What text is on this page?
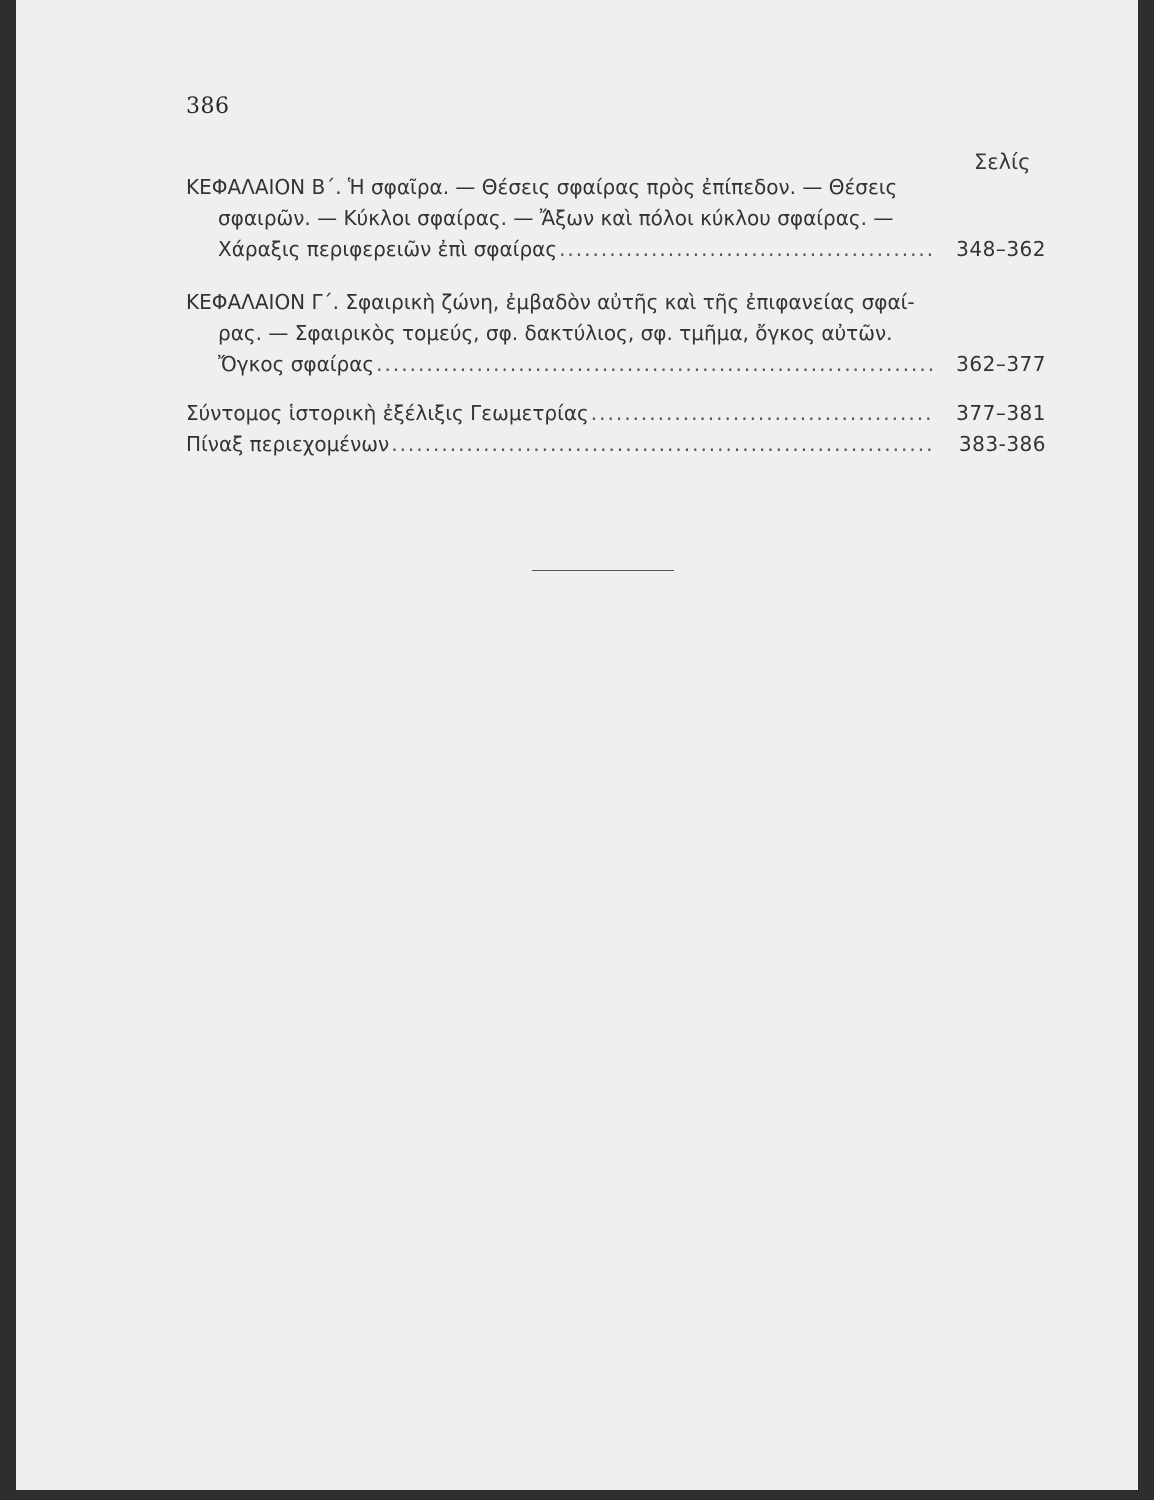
386
Σελίς
ΚΕΦΑΛΑΙΟΝ Β΄. Ἡ σφαῖρα. — Θέσεις σφαίρας πρὸς ἐπίπεδον. — Θέσεις
σφαιρῶν. — Κύκλοι σφαίρας. — Ἄξων καὶ πόλοι κύκλου σφαίρας. —
Χάραξις περιφερειῶν ἐπὶ σφαίρας .....	348–362
ΚΕΦΑΛΑΙΟΝ Γ΄. Σφαιρικὴ ζώνη, ἐμβαδὸν αὐτῆς καὶ τῆς ἐπιφανείας σφαί-
ρας. — Σφαιρικὸς τομεύς, σφ. δακτύλιος, σφ. τμῆμα, ὄγκος αὐτῶν.
Ὄγκος σφαίρας .....	362–377
Σύντομος ἱστορικὴ ἐξέλιξις Γεωμετρίας .....	377–381
Πίναξ περιεχομένων .....	383-386
